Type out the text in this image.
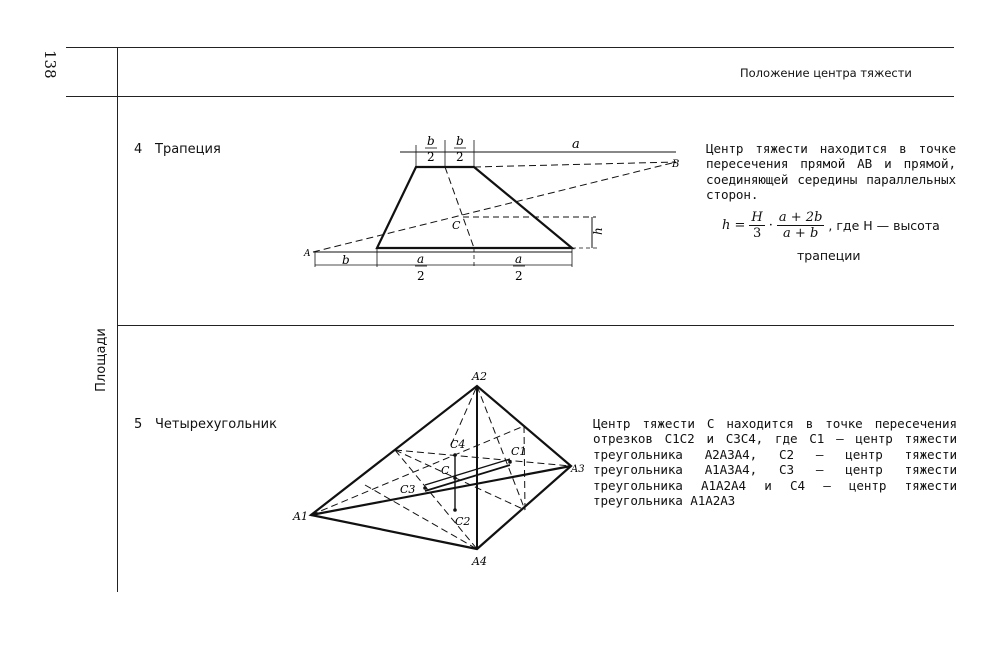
138
Площади
Положение центра тяжести
4 Трапеция
b
2
b
2
a
B
A
C	h
b	a
2
a
2
Центр тяжести находится в точке пересечения прямой AB и прямой, соединяющей середины параллельных сторон.
$h = \frac{H}{3} \cdot \frac{a + 2b}{a + b}$ , где H — высота
трапеции
5 Четырехугольник
A2
A3
A1
A4
C
C1
C2
C3
C4
Центр тяжести C находится в точке пересечения отрезков C1C2 и C3C4, где C1 — центр тяжести треугольника A2A3A4, C2 — центр тяжести треугольника A1A3A4, C3 — центр тяжести треугольника A1A2A4 и C4 — центр тяжести треугольника A1A2A3
